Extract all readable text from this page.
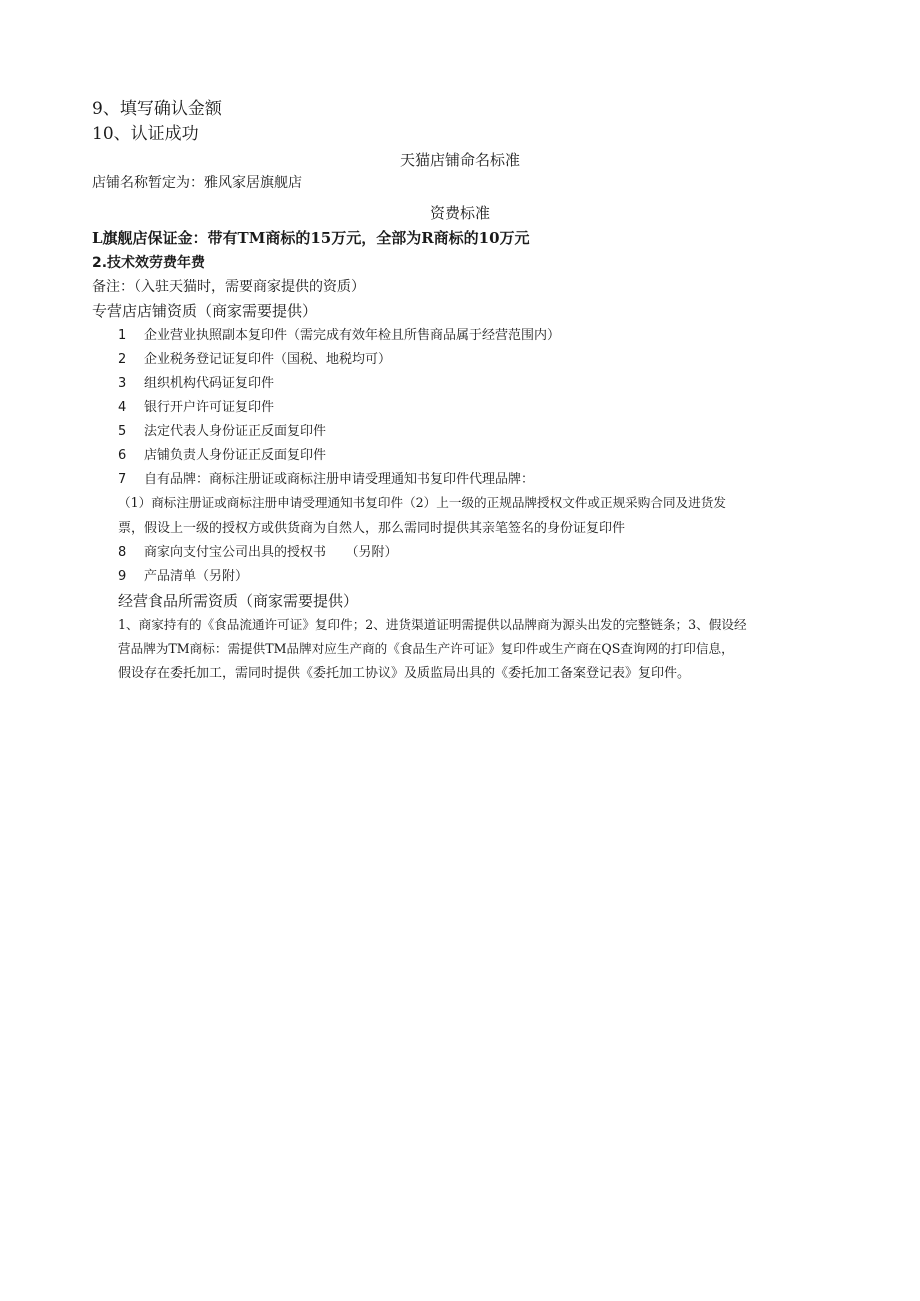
9、填写确认金额
10、认证成功
天猫店铺命名标准
店铺名称暂定为：雅风家居旗舰店
资费标准
L旗舰店保证金：带有TM商标的15万元，全部为R商标的10万元
2.技术效劳费年费
备注：（入驻天猫时，需要商家提供的资质）
专营店店铺资质（商家需要提供）
1 企业营业执照副本复印件（需完成有效年检且所售商品属于经营范围内）
2 企业税务登记证复印件（国税、地税均可）
3 组织机构代码证复印件
4 银行开户许可证复印件
5 法定代表人身份证正反面复印件
6 店铺负责人身份证正反面复印件
7 自有品牌：商标注册证或商标注册申请受理通知书复印件代理品牌：
（1）商标注册证或商标注册申请受理通知书复印件（2）上一级的正规品牌授权文件或正规采购合同及进货发
票，假设上一级的授权方或供货商为自然人，那么需同时提供其亲笔签名的身份证复印件
8 商家向支付宝公司出具的授权书　　（另附）
9 产品清单（另附）
经营食品所需资质（商家需要提供）
1、商家持有的《食品流通许可证》复印件；2、进货渠道证明需提供以品牌商为源头出发的完整链条；3、假设经
营品牌为TM商标：需提供TM品牌对应生产商的《食品生产许可证》复印件或生产商在QS查询网的打印信息，
假设存在委托加工，需同时提供《委托加工协议》及质监局出具的《委托加工备案登记表》复印件。
